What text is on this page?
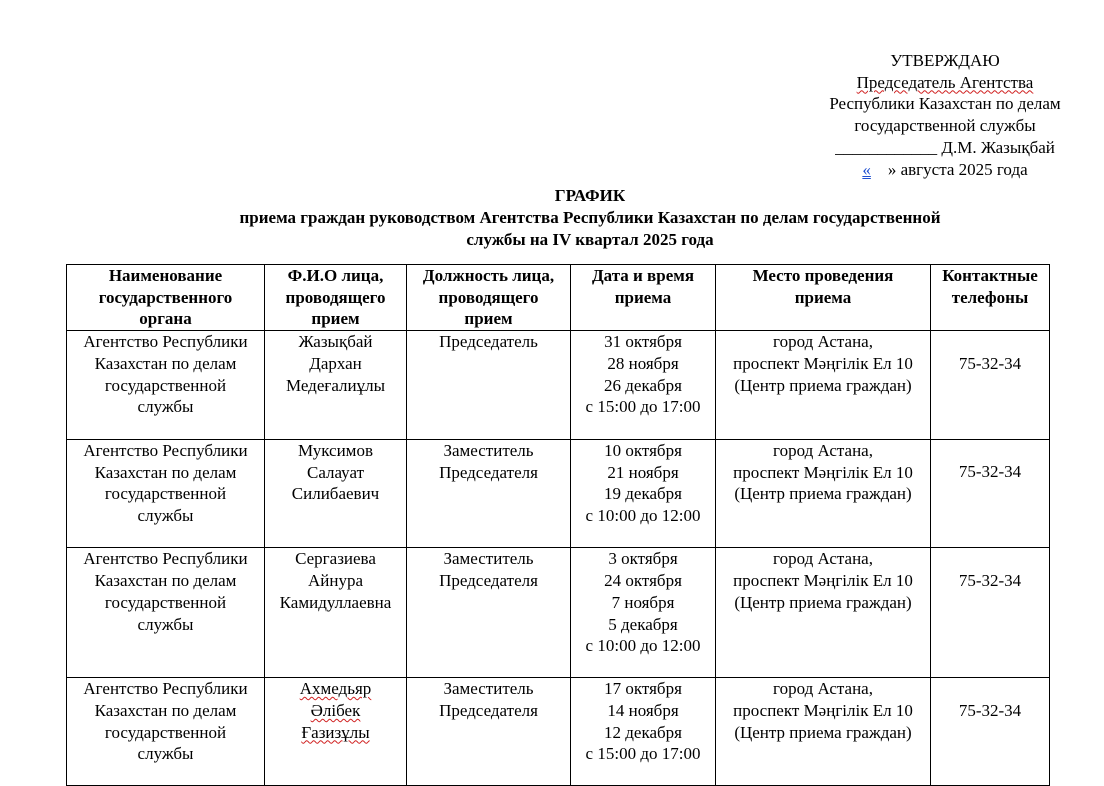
УТВЕРЖДАЮ
Председатель Агентства
Республики Казахстан по делам
государственной службы
____________ Д.М. Жазықбай
« » августа 2025 года
ГРАФИК
приема граждан руководством Агентства Республики Казахстан по делам государственной
службы на IV квартал 2025 года
Наименование
государственного
органа	Ф.И.О лица,
проводящего
прием	Должность лица,
проводящего
прием	Дата и время
приема	Место проведения
приема	Контактные
телефоны

Агентство Республики
Казахстан по делам
государственной
службы	Жазықбай
Дархан
Медеғалиұлы	Председатель	31 октября
28 ноября
26 декабря
с 15:00 до 17:00	город Астана,
проспект Мәңгілік Ел 10
(Центр приема граждан)	75-32-34

Агентство Республики
Казахстан по делам
государственной
службы	Муксимов
Салауат
Силибаевич	Заместитель
Председателя	10 октября
21 ноября
19 декабря
с 10:00 до 12:00	город Астана,
проспект Мәңгілік Ел 10
(Центр приема граждан)	75-32-34

Агентство Республики
Казахстан по делам
государственной
службы	Сергазиева
Айнура
Камидуллаевна	Заместитель
Председателя	3 октября
24 октября
7 ноября
5 декабря
с 10:00 до 12:00	город Астана,
проспект Мәңгілік Ел 10
(Центр приема граждан)	75-32-34

Агентство Республики
Казахстан по делам
государственной
службы	Ахмедьяр
Әлібек
Ғазизұлы	Заместитель
Председателя	17 октября
14 ноября
12 декабря
с 15:00 до 17:00	город Астана,
проспект Мәңгілік Ел 10
(Центр приема граждан)	75-32-34
